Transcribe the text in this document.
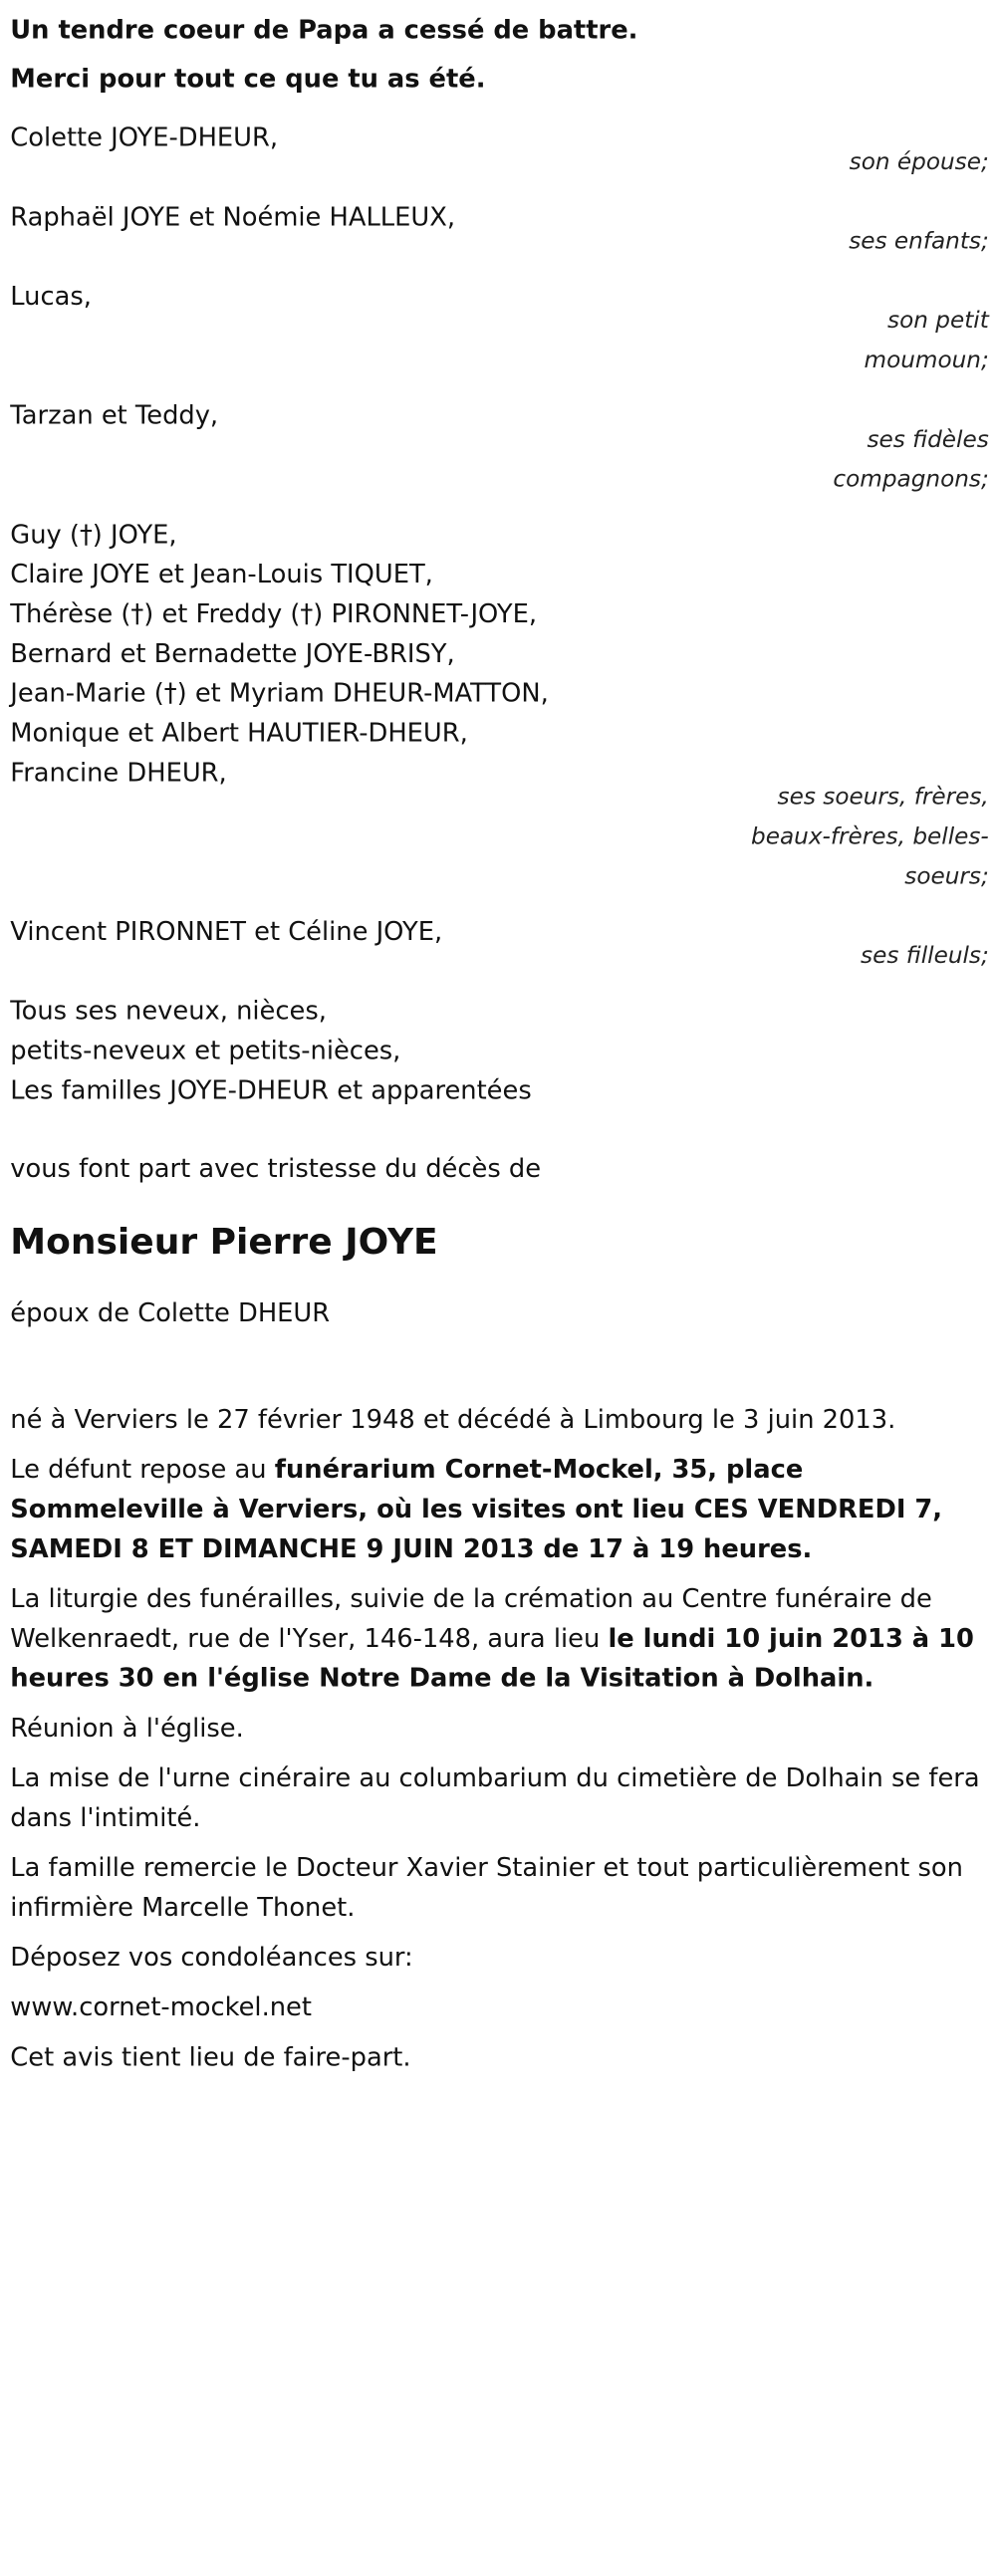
Un tendre coeur de Papa a cessé de battre.
Merci pour tout ce que tu as été.
Colette JOYE-DHEUR,
son épouse;
Raphaël JOYE et Noémie HALLEUX,
ses enfants;
Lucas,
son petit
moumoun;
Tarzan et Teddy,
ses fidèles
compagnons;
Guy (†) JOYE,
Claire JOYE et Jean-Louis TIQUET,
Thérèse (†) et Freddy (†) PIRONNET-JOYE,
Bernard et Bernadette JOYE-BRISY,
Jean-Marie (†) et Myriam DHEUR-MATTON,
Monique et Albert HAUTIER-DHEUR,
Francine DHEUR,
ses soeurs, frères,
beaux-frères, belles-
soeurs;
Vincent PIRONNET et Céline JOYE,
ses filleuls;
Tous ses neveux, nièces,
petits-neveux et petits-nièces,
Les familles JOYE-DHEUR et apparentées
vous font part avec tristesse du décès de
Monsieur Pierre JOYE
époux de Colette DHEUR

né à Verviers le 27 février 1948 et décédé à Limbourg le 3 juin 2013.

Le défunt repose au funérarium Cornet-Mockel, 35, place Sommeleville à Verviers, où les visites ont lieu CES VENDREDI 7, SAMEDI 8 ET DIMANCHE 9 JUIN 2013 de 17 à 19 heures.

La liturgie des funérailles, suivie de la crémation au Centre funéraire de Welkenraedt, rue de l'Yser, 146-148, aura lieu le lundi 10 juin 2013 à 10 heures 30 en l'église Notre Dame de la Visitation à Dolhain.

Réunion à l'église.

La mise de l'urne cinéraire au columbarium du cimetière de Dolhain se fera dans l'intimité.

La famille remercie le Docteur Xavier Stainier et tout particulièrement son infirmière Marcelle Thonet.

Déposez vos condoléances sur:

www.cornet-mockel.net

Cet avis tient lieu de faire-part.
